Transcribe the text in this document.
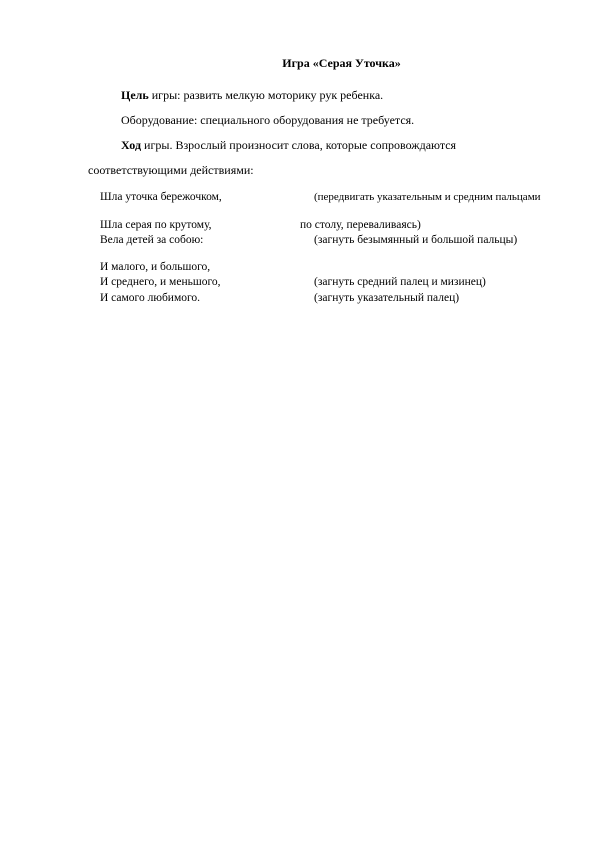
Игра «Серая Уточка»
Цель игры: развить мелкую моторику рук ребенка.
Оборудование: специального оборудования не требуется.
Ход игры. Взрослый произносит слова, которые сопровождаются
соответствующими действиями:
Шла уточка бережочком,	(передвигать указательным и средним пальцами
Шла серая по крутому,	по столу, переваливаясь)
Вела детей за собою:	(загнуть безымянный и большой пальцы)
И малого, и большого,
И среднего, и меньшого,	(загнуть средний палец и мизинец)
И самого любимого.	(загнуть указательный палец)
